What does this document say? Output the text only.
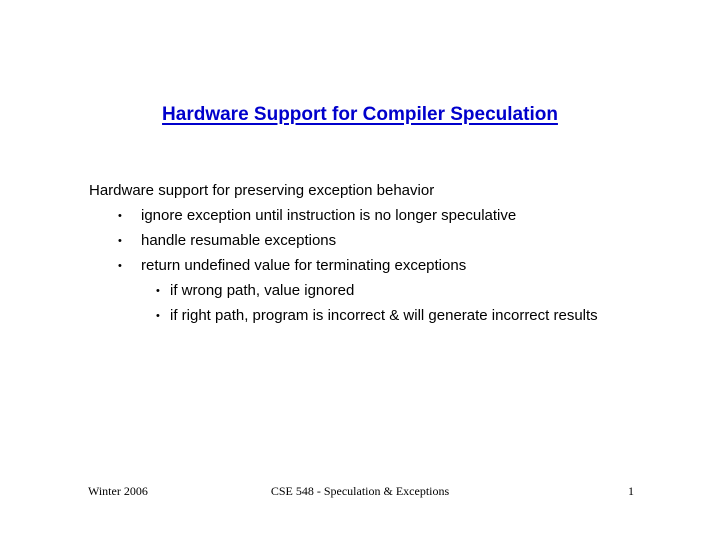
Hardware Support for Compiler Speculation
Hardware support for preserving exception behavior
• ignore exception until instruction is no longer speculative
• handle resumable exceptions
• return undefined value for terminating exceptions
• if wrong path, value ignored
• if right path, program is incorrect & will generate incorrect results
Winter 2006	CSE 548 - Speculation & Exceptions	1
